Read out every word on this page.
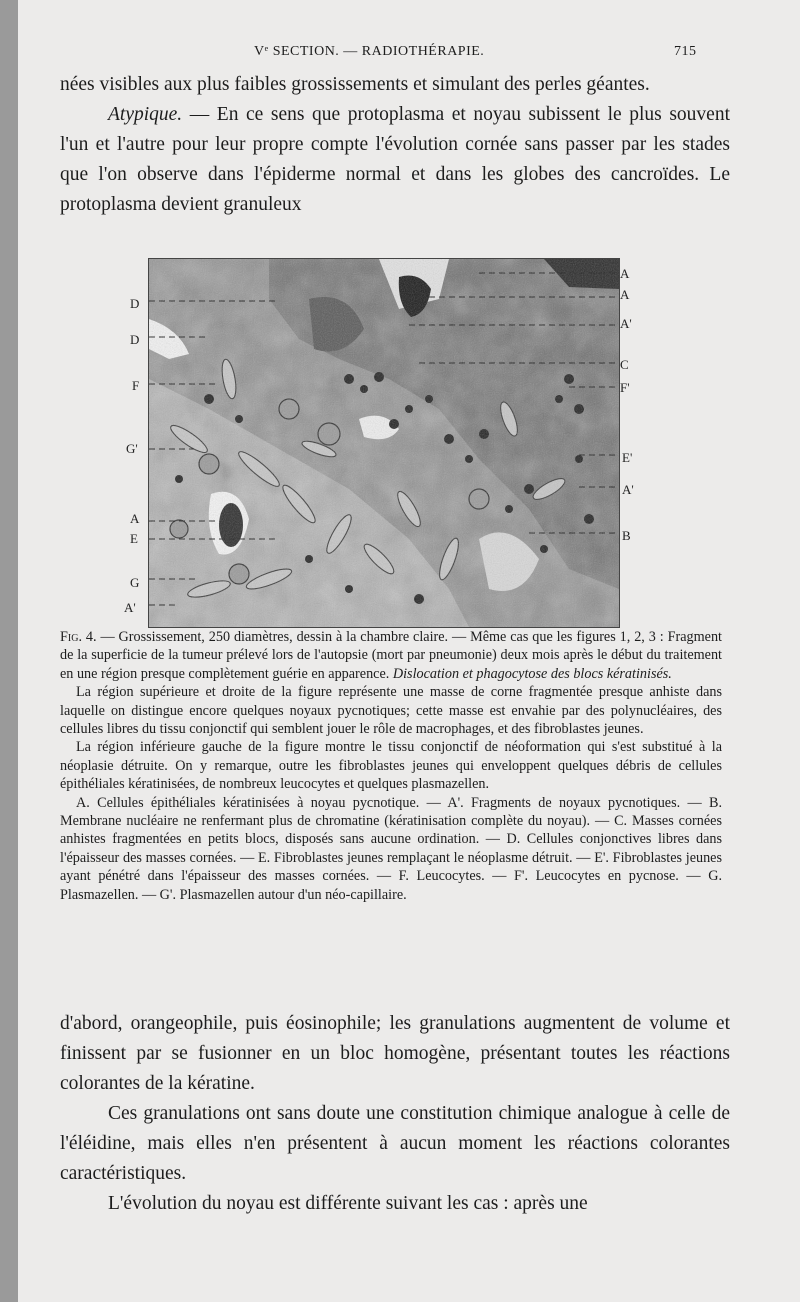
Vᵉ SECTION. — RADIOTHÉRAPIE.	715

nées visibles aux plus faibles grossissements et simulant des perles géantes.

Atypique. — En ce sens que protoplasma et noyau subissent le plus souvent l'un et l'autre pour leur propre compte l'évolution cornée sans passer par les stades que l'on observe dans l'épiderme normal et dans les globes des cancroïdes. Le protoplasma devient granuleux

D
D
F
G'
A
E
G
A'
A
A
A'
C
F'
E'
A'
B

Fig. 4. — Grossissement, 250 diamètres, dessin à la chambre claire. — Même cas que les figures 1, 2, 3 : Fragment de la superficie de la tumeur prélevé lors de l'autopsie (mort par pneumonie) deux mois après le début du traitement en une région presque complètement guérie en apparence. Dislocation et phagocytose des blocs kératinisés.

La région supérieure et droite de la figure représente une masse de corne fragmentée presque anhiste dans laquelle on distingue encore quelques noyaux pycnotiques; cette masse est envahie par des polynucléaires, des cellules libres du tissu conjonctif qui semblent jouer le rôle de macrophages, et des fibroblastes jeunes.

La région inférieure gauche de la figure montre le tissu conjonctif de néoformation qui s'est substitué à la néoplasie détruite. On y remarque, outre les fibroblastes jeunes qui enveloppent quelques débris de cellules épithéliales kératinisées, de nombreux leucocytes et quelques plasmazellen.

A. Cellules épithéliales kératinisées à noyau pycnotique. — A'. Fragments de noyaux pycnotiques. — B. Membrane nucléaire ne renfermant plus de chromatine (kératinisation complète du noyau). — C. Masses cornées anhistes fragmentées en petits blocs, disposés sans aucune ordination. — D. Cellules conjonctives libres dans l'épaisseur des masses cornées. — E. Fibroblastes jeunes remplaçant le néoplasme détruit. — E'. Fibroblastes jeunes ayant pénétré dans l'épaisseur des masses cornées. — F. Leucocytes. — F'. Leucocytes en pycnose. — G. Plasmazellen. — G'. Plasmazellen autour d'un néo-capillaire.

d'abord, orangeophile, puis éosinophile; les granulations augmentent de volume et finissent par se fusionner en un bloc homogène, présentant toutes les réactions colorantes de la kératine.

Ces granulations ont sans doute une constitution chimique analogue à celle de l'éléidine, mais elles n'en présentent à aucun moment les réactions colorantes caractéristiques.

L'évolution du noyau est différente suivant les cas : après une
